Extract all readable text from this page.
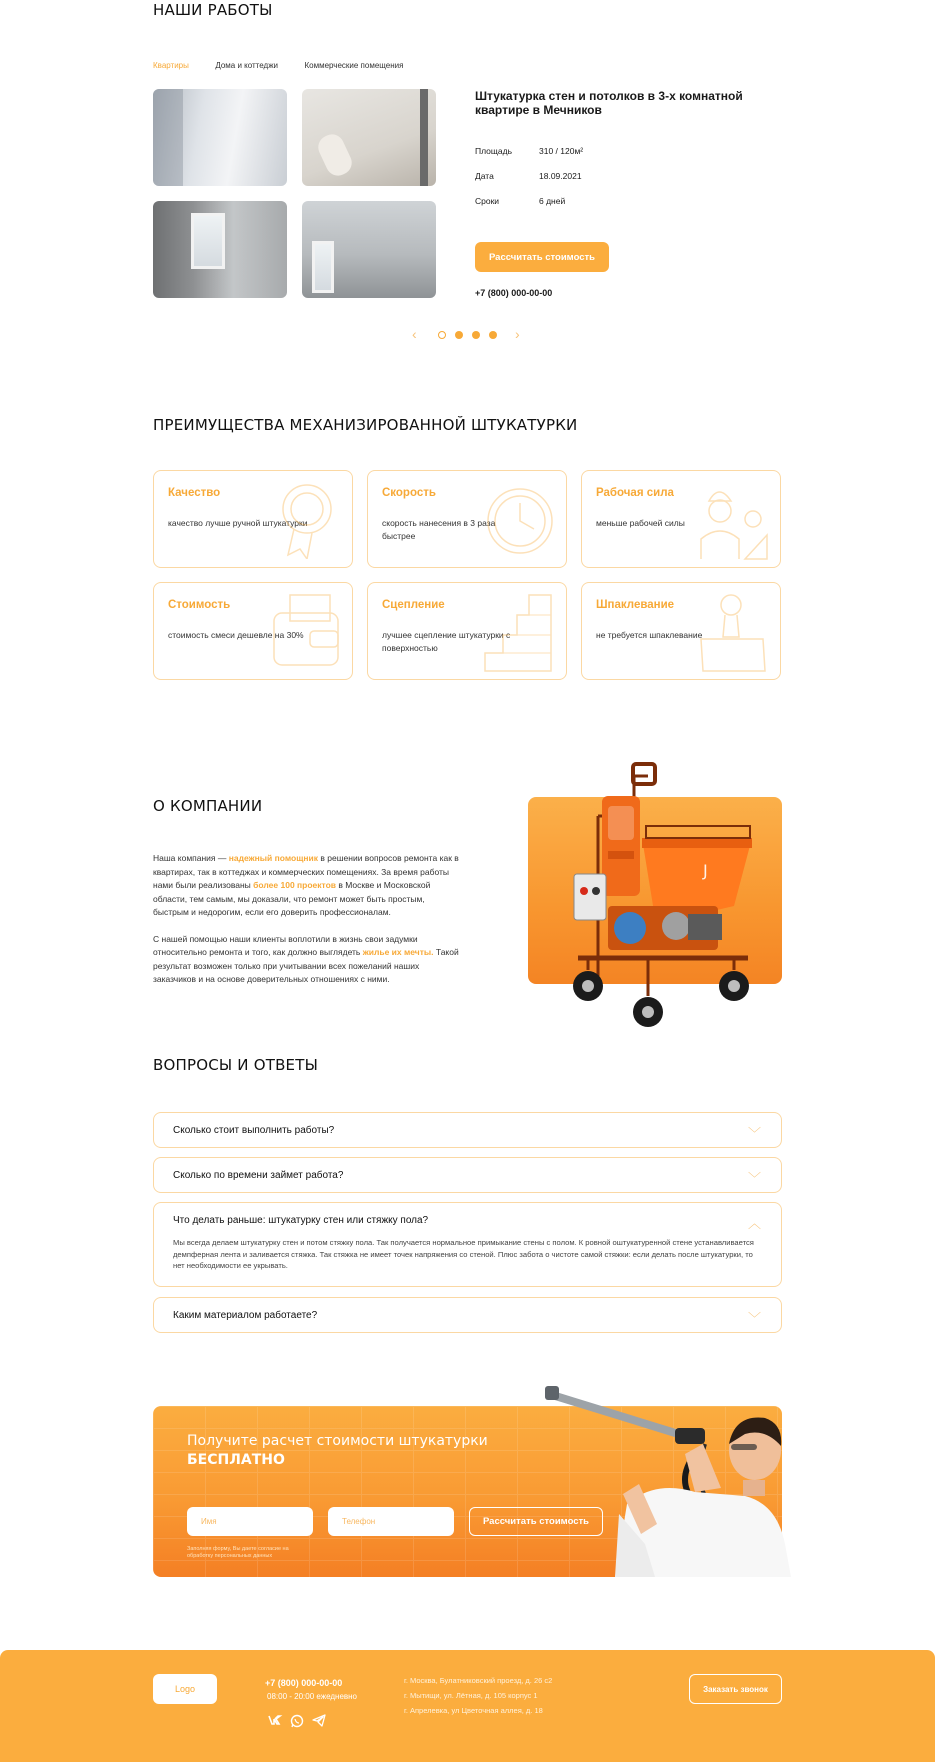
НАШИ РАБОТЫ
Квартиры	Дома и коттеджи	Коммерческие помещения
Штукатурка стен и потолков в 3-х комнатной квартире в Мечников
Площадь	310 / 120м²
Дата	18.09.2021
Сроки	6 дней
Рассчитать стоимость
+7 (800) 000-00-00
‹	›
ПРЕИМУЩЕСТВА МЕХАНИЗИРОВАННОЙ ШТУКАТУРКИ
Качество
качество лучше ручной штукатурки
Скорость
скорость нанесения в 3 раза быстрее
Рабочая сила
меньше рабочей силы
Стоимость
стоимость смеси дешевле на 30%
Сцепление
лучшее сцепление штукатурки с поверхностью
Шпаклевание
не требуется шпаклевание
О КОМПАНИИ

Наша компания — надежный помощник в решении вопросов ремонта как в квартирах, так в коттеджах и коммерческих помещениях. За время работы нами были реализованы более 100 проектов в Москве и Московской области, тем самым, мы доказали, что ремонт может быть простым, быстрым и недорогим, если его доверить профессионалам.

С нашей помощью наши клиенты воплотили в жизнь свои задумки относительно ремонта и того, как должно выглядеть жилье их мечты. Такой результат возможен только при учитывании всех пожеланий наших заказчиков и на основе доверительных отношениях с ними.

J
ВОПРОСЫ И ОТВЕТЫ
Сколько стоит выполнить работы?	﹀
Сколько по времени займет работа?	﹀
Что делать раньше: штукатурку стен или стяжку пола?	︿
Мы всегда делаем штукатурку стен и потом стяжку пола. Так получается нормальное примыкание стены с полом. К ровной оштукатуренной стене устанавливается демпферная лента и заливается стяжка. Так стяжка не имеет точек напряжения со стеной. Плюс забота о чистоте самой стяжки: если делать после штукатурки, то нет необходимости ее укрывать.
Каким материалом работаете?	﹀
Получите расчет стоимости штукатурки
БЕСПЛАТНО
Имя
Телефон
Рассчитать стоимость
Заполняя форму, Вы даете согласие на обработку персональных данных
Logo
+7 (800) 000-00-00
08:00 - 20:00 ежедневно
г. Москва, Булатниковский проезд, д. 26 с2
г. Мытищи, ул. Лётная, д. 105 корпус 1
г. Апрелевка, ул Цветочная аллея, д. 18
Заказать звонок
